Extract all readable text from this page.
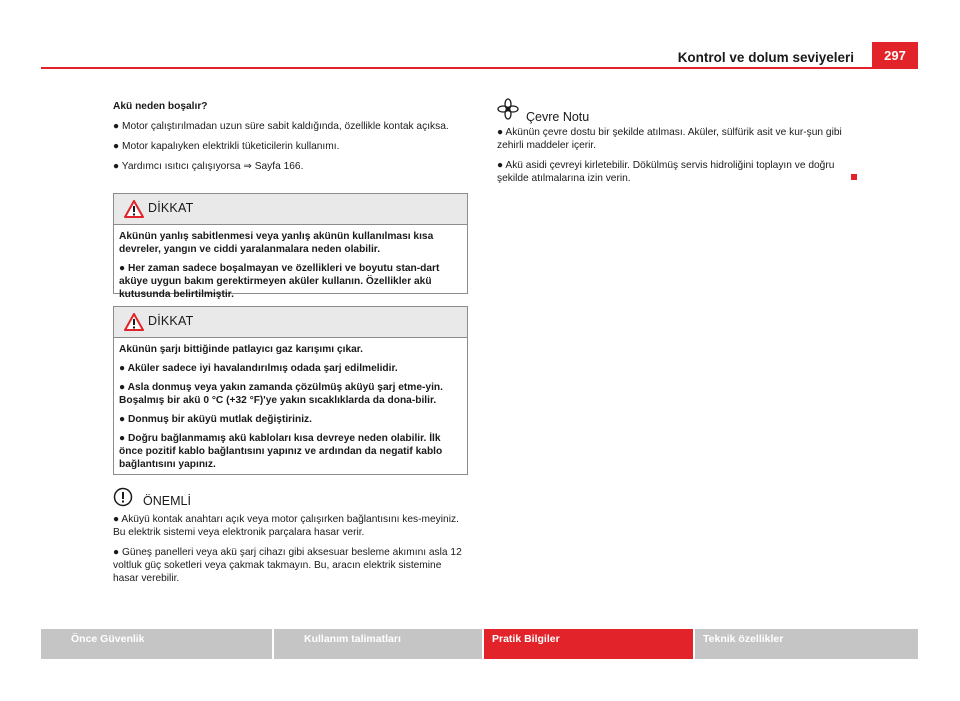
Kontrol ve dolum seviyeleri	297

Akü neden boşalır?

● Motor çalıştırılmadan uzun süre sabit kaldığında, özellikle kontak açıksa.

● Motor kapalıyken elektrikli tüketicilerin kullanımı.

● Yardımcı ısıtıcı çalışıyorsa ⇒ Sayfa 166.

DİKKAT

Akünün yanlış sabitlenmesi veya yanlış akünün kullanılması kısa devreler, yangın ve ciddi yaralanmalara neden olabilir.

● Her zaman sadece boşalmayan ve özellikleri ve boyutu stan-dart aküye uygun bakım gerektirmeyen aküler kullanın. Özellikler akü kutusunda belirtilmiştir.

DİKKAT

Akünün şarjı bittiğinde patlayıcı gaz karışımı çıkar.

● Aküler sadece iyi havalandırılmış odada şarj edilmelidir.

● Asla donmuş veya yakın zamanda çözülmüş aküyü şarj etme-yin. Boşalmış bir akü 0 °C (+32 °F)'ye yakın sıcaklıklarda da dona-bilir.

● Donmuş bir aküyü mutlak değiştiriniz.

● Doğru bağlanmamış akü kabloları kısa devreye neden olabilir. İlk önce pozitif kablo bağlantısını yapınız ve ardından da negatif kablo bağlantısını yapınız.

ÖNEMLİ

● Aküyü kontak anahtarı açık veya motor çalışırken bağlantısını kes-meyiniz. Bu elektrik sistemi veya elektronik parçalara hasar verir.

● Güneş panelleri veya akü şarj cihazı gibi aksesuar besleme akımını asla 12 voltluk güç soketleri veya çakmak takmayın. Bu, aracın elektrik sistemine hasar verebilir.

Çevre Notu

● Akünün çevre dostu bir şekilde atılması. Aküler, sülfürik asit ve kur-şun gibi zehirli maddeler içerir.

● Akü asidi çevreyi kirletebilir. Dökülmüş servis hidroliğini toplayın ve doğru şekilde atılmalarına izin verin.

Önce Güvenlik	Kullanım talimatları	Pratik Bilgiler	Teknik özellikler
